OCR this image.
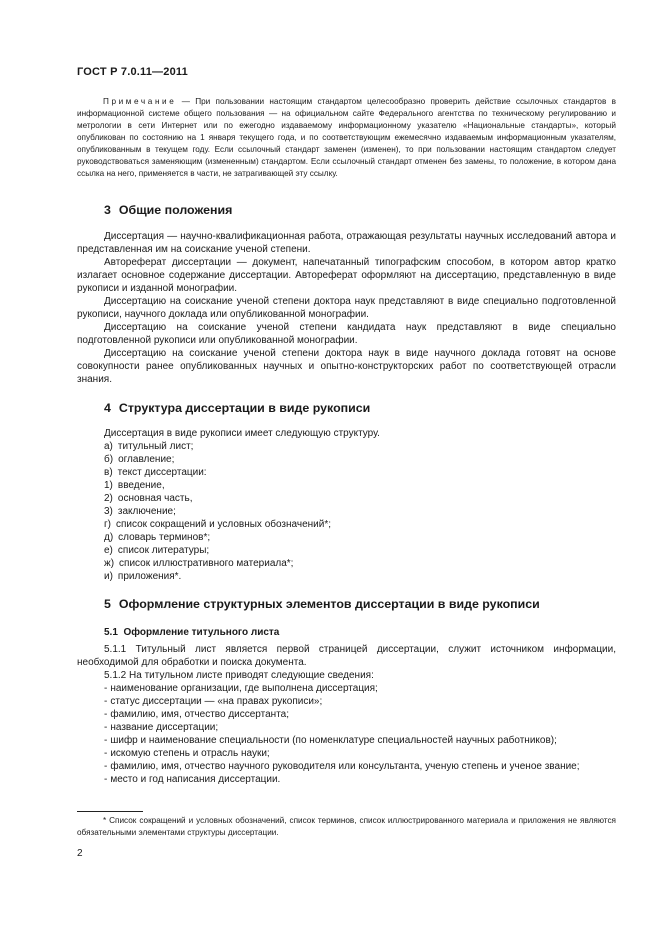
ГОСТ Р 7.0.11—2011
Примечание — При пользовании настоящим стандартом целесообразно проверить действие ссылочных стандартов в информационной системе общего пользования — на официальном сайте Федерального агентства по техническому регулированию и метрологии в сети Интернет или по ежегодно издаваемому информационному указателю «Национальные стандарты», который опубликован по состоянию на 1 января текущего года, и по соответствующим ежемесячно издаваемым информационным указателям, опубликованным в текущем году. Если ссылочный стандарт заменен (изменен), то при пользовании настоящим стандартом следует руководствоваться заменяющим (измененным) стандартом. Если ссылочный стандарт отменен без замены, то положение, в котором дана ссылка на него, применяется в части, не затрагивающей эту ссылку.
3 Общие положения

Диссертация — научно-квалификационная работа, отражающая результаты научных исследований автора и представленная им на соискание ученой степени.

Автореферат диссертации — документ, напечатанный типографским способом, в котором автор кратко излагает основное содержание диссертации. Автореферат оформляют на диссертацию, представленную в виде рукописи и изданной монографии.

Диссертацию на соискание ученой степени доктора наук представляют в виде специально подготовленной рукописи, научного доклада или опубликованной монографии.

Диссертацию на соискание ученой степени кандидата наук представляют в виде специально подготовленной рукописи или опубликованной монографии.

Диссертацию на соискание ученой степени доктора наук в виде научного доклада готовят на основе совокупности ранее опубликованных научных и опытно-конструкторских работ по соответствующей отрасли знания.

4 Структура диссертации в виде рукописи

Диссертация в виде рукописи имеет следующую структуру.

а) титульный лист;
б) оглавление;
в) текст диссертации:
1) введение,
2) основная часть,
3) заключение;
г) список сокращений и условных обозначений*;
д) словарь терминов*;
е) список литературы;
ж) список иллюстративного материала*;
и) приложения*.
5 Оформление структурных элементов диссертации в виде рукописи
5.1 Оформление титульного листа

5.1.1 Титульный лист является первой страницей диссертации, служит источником информации, необходимой для обработки и поиска документа.

5.1.2 На титульном листе приводят следующие сведения:

- наименование организации, где выполнена диссертация;
- статус диссертации — «на правах рукописи»;
- фамилию, имя, отчество диссертанта;
- название диссертации;
- шифр и наименование специальности (по номенклатуре специальностей научных работников);
- искомую степень и отрасль науки;
- фамилию, имя, отчество научного руководителя или консультанта, ученую степень и ученое звание;
- место и год написания диссертации.
* Список сокращений и условных обозначений, список терминов, список иллюстрированного материала и приложения не являются обязательными элементами структуры диссертации.
2
